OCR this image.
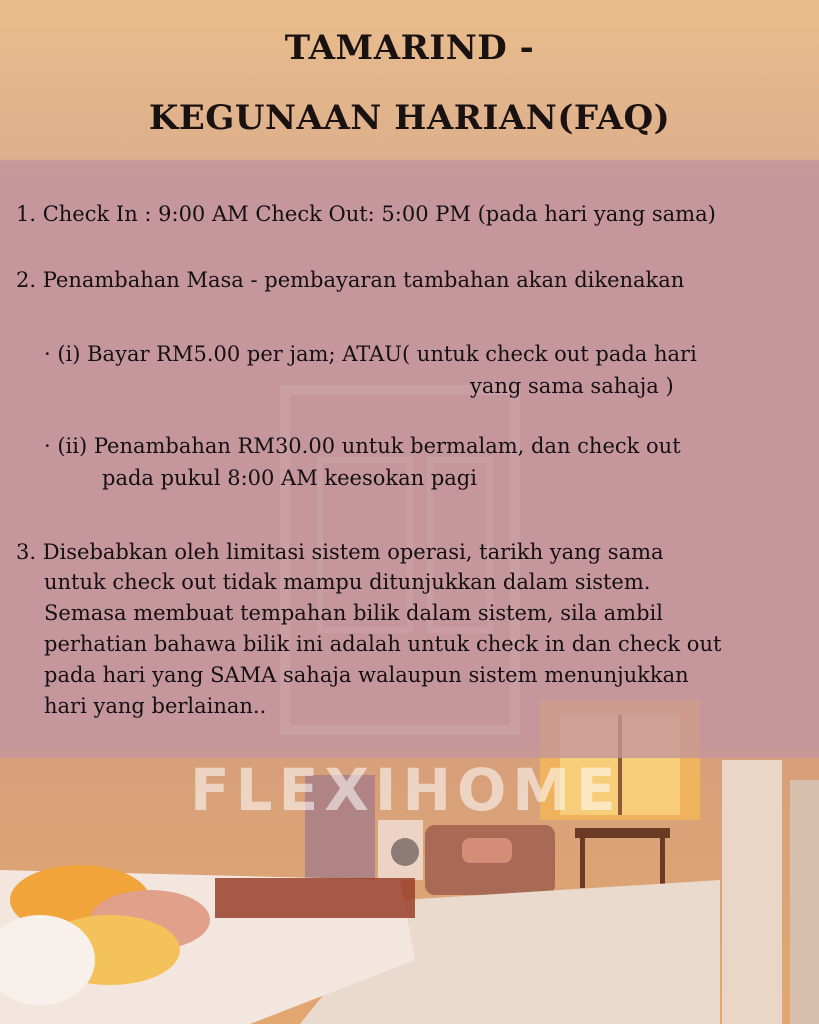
TAMARIND -
KEGUNAAN HARIAN(FAQ)
1. Check In : 9:00 AM Check Out: 5:00 PM (pada hari yang sama)
2. Penambahan Masa - pembayaran tambahan akan dikenakan
· (i) Bayar RM5.00 per jam; ATAU( untuk check out pada hari
yang sama sahaja )
· (ii) Penambahan RM30.00 untuk bermalam, dan check out
pada pukul 8:00 AM keesokan pagi
3. Disebabkan oleh limitasi sistem operasi, tarikh yang sama
untuk check out tidak mampu ditunjukkan dalam sistem.
Semasa membuat tempahan bilik dalam sistem, sila ambil
perhatian bahawa bilik ini adalah untuk check in dan check out
pada hari yang SAMA sahaja walaupun sistem menunjukkan
hari yang berlainan..
FLEXIHOME
